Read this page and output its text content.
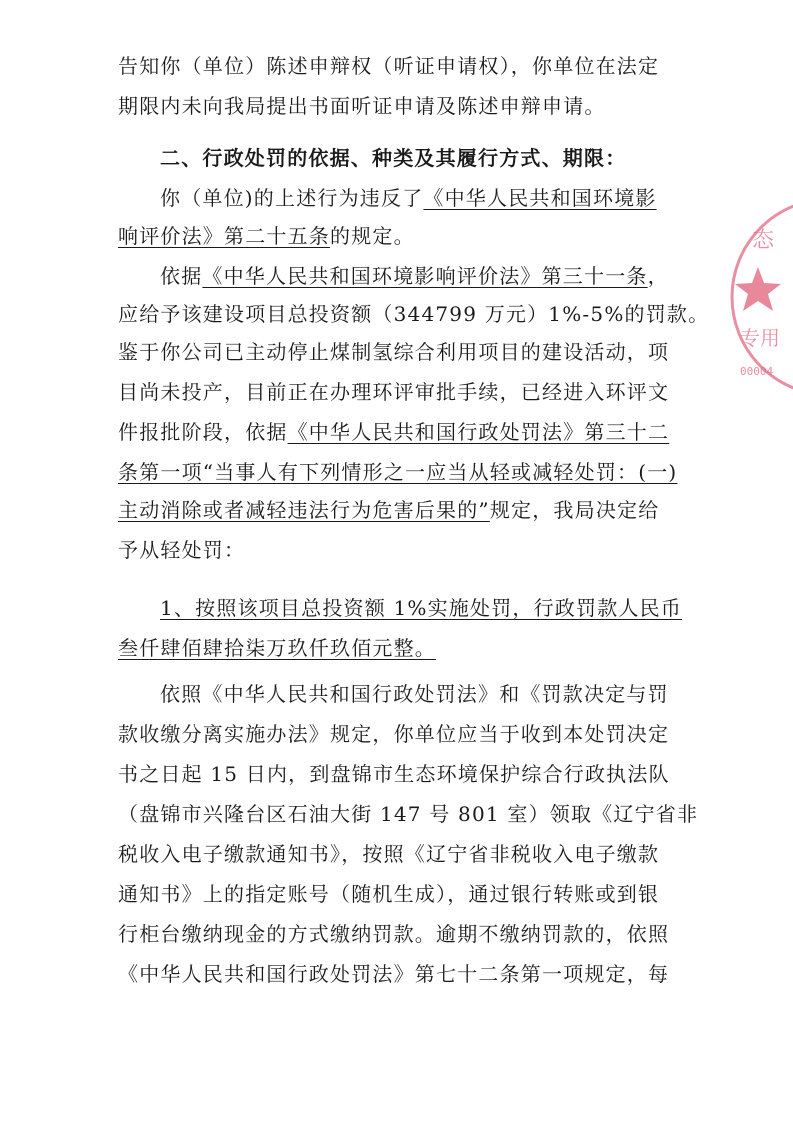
告知你（单位）陈述申辩权（听证申请权），你单位在法定
期限内未向我局提出书面听证申请及陈述申辩申请。
二、行政处罚的依据、种类及其履行方式、期限：
你（单位)的上述行为违反了《中华人民共和国环境影
响评价法》第二十五条的规定。
依据《中华人民共和国环境影响评价法》第三十一条，
应给予该建设项目总投资额（344799 万元）1%-5%的罚款。
鉴于你公司已主动停止煤制氢综合利用项目的建设活动，项
目尚未投产，目前正在办理环评审批手续，已经进入环评文
件报批阶段，依据《中华人民共和国行政处罚法》第三十二
条第一项“当事人有下列情形之一应当从轻或减轻处罚：(一)
主动消除或者减轻违法行为危害后果的”规定，我局决定给
予从轻处罚：
1、按照该项目总投资额 1%实施处罚，行政罚款人民币
叁仟肆佰肆拾柒万玖仟玖佰元整。
依照《中华人民共和国行政处罚法》和《罚款决定与罚
款收缴分离实施办法》规定，你单位应当于收到本处罚决定
书之日起 15 日内，到盘锦市生态环境保护综合行政执法队
（盘锦市兴隆台区石油大街 147 号 801 室）领取《辽宁省非
税收入电子缴款通知书》，按照《辽宁省非税收入电子缴款
通知书》上的指定账号（随机生成），通过银行转账或到银
行柜台缴纳现金的方式缴纳罚款。逾期不缴纳罚款的，依照
《中华人民共和国行政处罚法》第七十二条第一项规定，每
态
专用
00004
